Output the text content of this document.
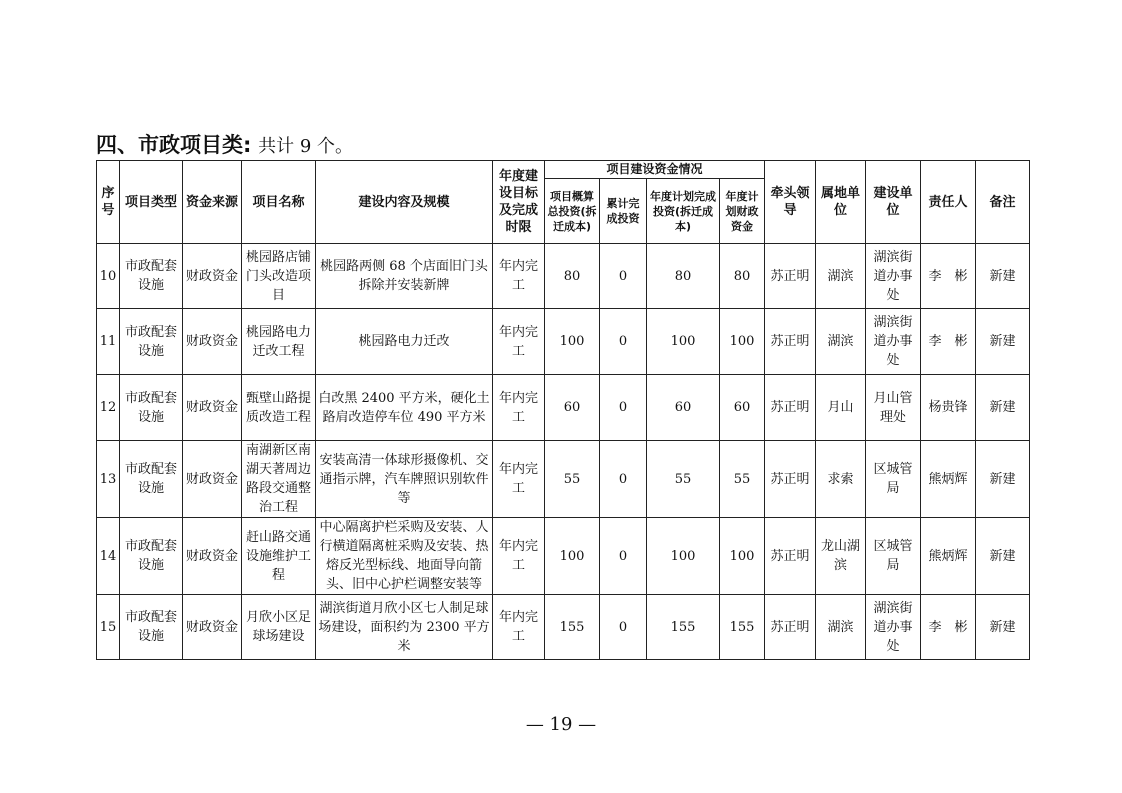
四、市政项目类: 共计 9 个。
序号	项目类型	资金来源	项目名称	建设内容及规模	年度建设目标及完成时限	项目建设资金情况				牵头领导	属地单位	建设单位	责任人	备注
						项目概算总投资(拆迁成本)	累计完成投资	年度计划完成投资(拆迁成本)	年度计划财政资金					
10	市政配套设施	财政资金	桃园路店铺门头改造项目	桃园路两侧 68 个店面旧门头拆除并安装新牌	年内完工	80	0	80	80	苏正明	湖滨	湖滨街道办事处	李　彬	新建
11	市政配套设施	财政资金	桃园路电力迁改工程	桃园路电力迁改	年内完工	100	0	100	100	苏正明	湖滨	湖滨街道办事处	李　彬	新建
12	市政配套设施	财政资金	甄壁山路提质改造工程	白改黑 2400 平方米，硬化土路肩改造停车位 490 平方米	年内完工	60	0	60	60	苏正明	月山	月山管理处	杨贵锋	新建
13	市政配套设施	财政资金	南湖新区南湖天著周边路段交通整治工程	安装高清一体球形摄像机、交通指示牌，汽车牌照识别软件等	年内完工	55	0	55	55	苏正明	求索	区城管局	熊炳辉	新建
14	市政配套设施	财政资金	赶山路交通设施维护工程	中心隔离护栏采购及安装、人行横道隔离桩采购及安装、热熔反光型标线、地面导向箭头、旧中心护栏调整安装等	年内完工	100	0	100	100	苏正明	龙山湖滨	区城管局	熊炳辉	新建
15	市政配套设施	财政资金	月欣小区足球场建设	湖滨街道月欣小区七人制足球场建设，面积约为 2300 平方米	年内完工	155	0	155	155	苏正明	湖滨	湖滨街道办事处	李　彬	新建
— 19 —
